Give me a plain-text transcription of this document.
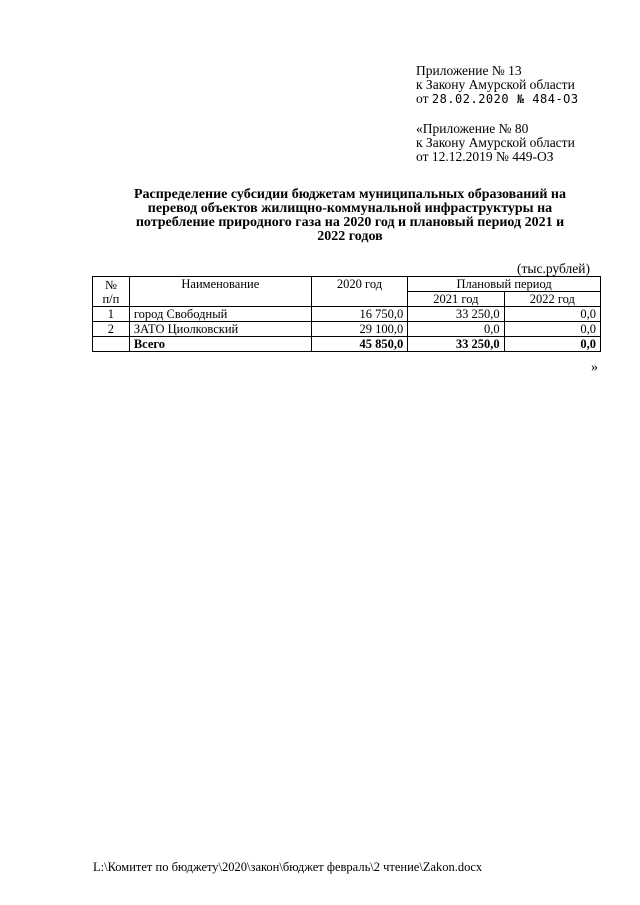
Приложение № 13
к Закону Амурской области
от 28.02.2020 № 484-ОЗ
«Приложение № 80
к Закону Амурской области
от 12.12.2019 № 449-ОЗ
Распределение субсидии бюджетам муниципальных образований на
перевод объектов жилищно-коммунальной инфраструктуры на
потребление природного газа на 2020 год и плановый период 2021 и
2022 годов
(тыс.рублей)
№
п/п	Наименование	2020 год	Плановый период	
			2021 год	2022 год
1	город Свободный	16 750,0	33 250,0	0,0
2	ЗАТО Циолковский	29 100,0	0,0	0,0
	Всего	45 850,0	33 250,0	0,0
»
L:\Комитет по бюджету\2020\закон\бюджет февраль\2 чтение\Zakon.docx
